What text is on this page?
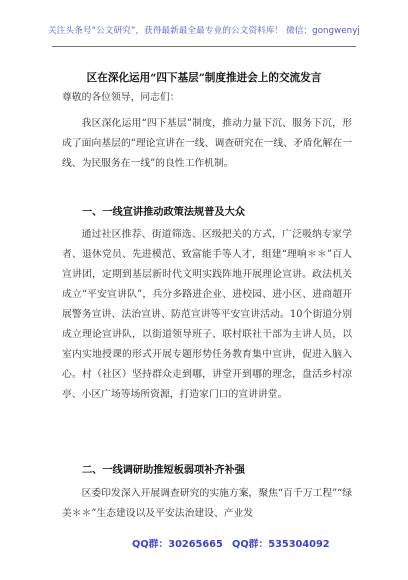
关注头条号“公文研究”，获得最新最全最专业的公文资料库！ 微信：gongwenyj
区在深化运用“四下基层”制度推进会上的交流发言

尊敬的各位领导，同志们：

我区深化运用“四下基层”制度，推动力量下沉、服务下沉，形成了面向基层的“理论宣讲在一线、调查研究在一线、矛盾化解在一线、为民服务在一线”的良性工作机制。

一、一线宣讲推动政策法规普及大众

通过社区推荐、街道筛选、区级把关的方式，广泛吸纳专家学者、退休党员、先进模范、致富能手等人才，组建“理响＊＊”百人宣讲团，定期到基层新时代文明实践阵地开展理论宣讲。政法机关成立“平安宣讲队”，兵分多路进企业、进校园、进小区、进商超开展警务宣讲、法治宣讲、防范宣讲等平安宣讲活动。10个街道分别成立理论宣讲队，以街道领导班子、联村联社干部为主讲人员，以室内实地授课的形式开展专题形势任务教育集中宣讲，促进入脑入心。村（社区）坚持群众走到哪，讲堂开到哪的理念，盘活乡村凉亭、小区广场等场所资源，打造家门口的宣讲讲堂。

二、一线调研助推短板弱项补齐补强

区委印发深入开展调查研究的实施方案，聚焦“百千万工程”“绿美＊＊”生态建设以及平安法治建设、产业发

QQ群：30265665 QQ群：535304092
